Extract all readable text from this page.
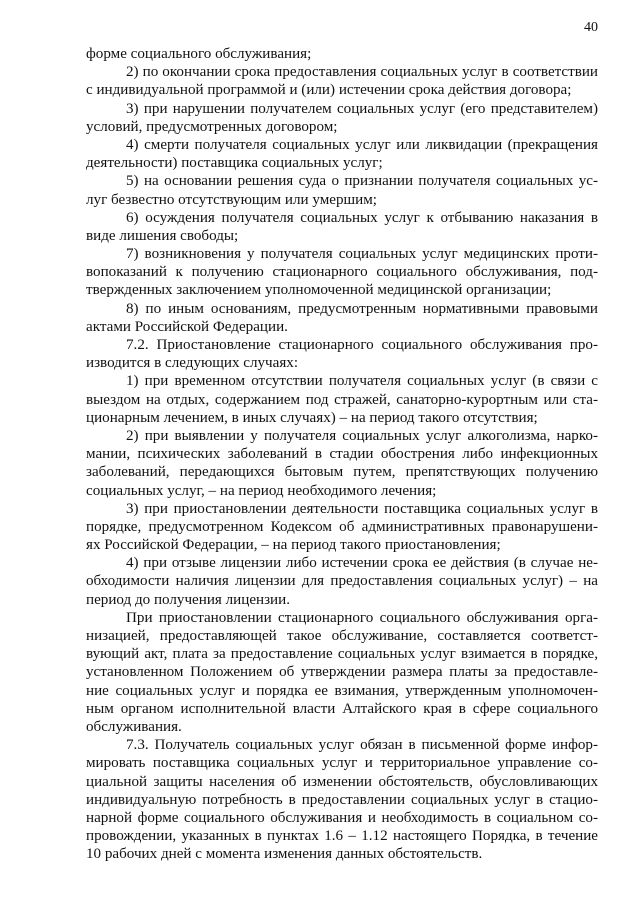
40
форме социального обслуживания;
2) по окончании срока предоставления социальных услуг в соответствии
с индивидуальной программой и (или) истечении срока действия договора;
3) при нарушении получателем социальных услуг (его представителем)
условий, предусмотренных договором;
4) смерти получателя социальных услуг или ликвидации (прекращения
деятельности) поставщика социальных услуг;
5) на основании решения суда о признании получателя социальных ус-
луг безвестно отсутствующим или умершим;
6) осуждения получателя социальных услуг к отбыванию наказания в
виде лишения свободы;
7) возникновения у получателя социальных услуг медицинских проти-
вопоказаний к получению стационарного социального обслуживания, под-
твержденных заключением уполномоченной медицинской организации;
8) по иным основаниям, предусмотренным нормативными правовыми
актами Российской Федерации.
7.2. Приостановление стационарного социального обслуживания про-
изводится в следующих случаях:
1) при временном отсутствии получателя социальных услуг (в связи с
выездом на отдых, содержанием под стражей, санаторно-курортным или ста-
ционарным лечением, в иных случаях) – на период такого отсутствия;
2) при выявлении у получателя социальных услуг алкоголизма, нарко-
мании, психических заболеваний в стадии обострения либо инфекционных
заболеваний, передающихся бытовым путем, препятствующих получению
социальных услуг, – на период необходимого лечения;
3) при приостановлении деятельности поставщика социальных услуг в
порядке, предусмотренном Кодексом об административных правонарушени-
ях Российской Федерации, – на период такого приостановления;
4) при отзыве лицензии либо истечении срока ее действия (в случае не-
обходимости наличия лицензии для предоставления социальных услуг) – на
период до получения лицензии.
При приостановлении стационарного социального обслуживания орга-
низацией, предоставляющей такое обслуживание, составляется соответст-
вующий акт, плата за предоставление социальных услуг взимается в порядке,
установленном Положением об утверждении размера платы за предоставле-
ние социальных услуг и порядка ее взимания, утвержденным уполномочен-
ным органом исполнительной власти Алтайского края в сфере социального
обслуживания.
7.3. Получатель социальных услуг обязан в письменной форме инфор-
мировать поставщика социальных услуг и территориальное управление со-
циальной защиты населения об изменении обстоятельств, обусловливающих
индивидуальную потребность в предоставлении социальных услуг в стацио-
нарной форме социального обслуживания и необходимость в социальном со-
провождении, указанных в пунктах 1.6 – 1.12 настоящего Порядка, в течение
10 рабочих дней с момента изменения данных обстоятельств.
